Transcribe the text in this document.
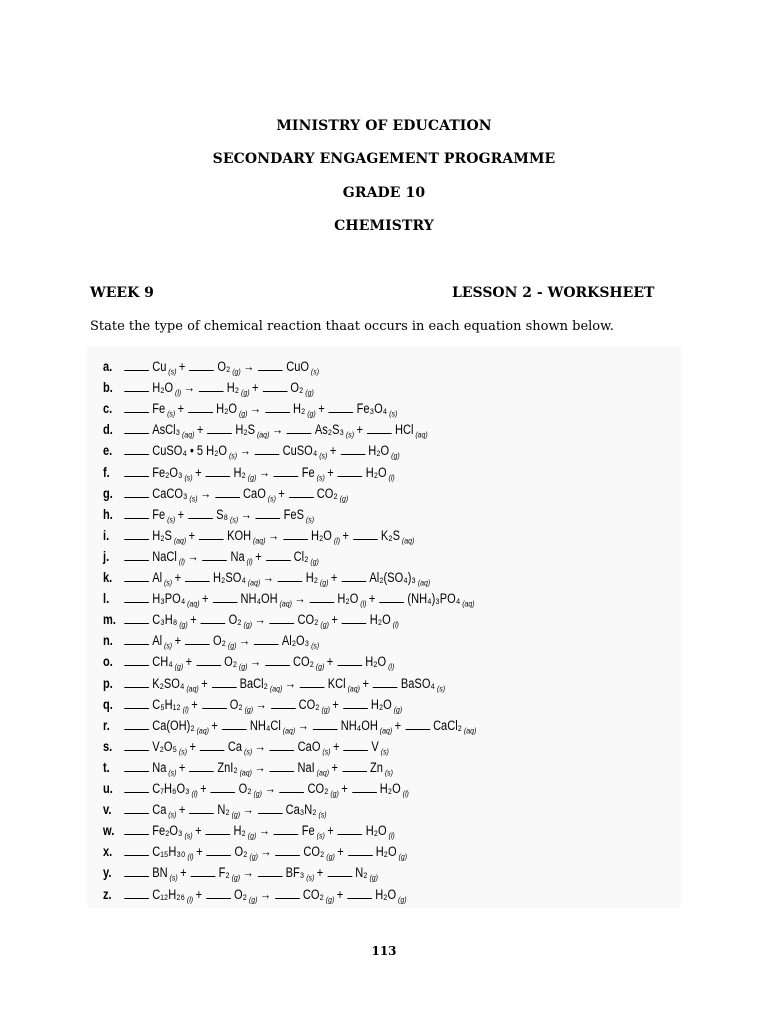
MINISTRY OF EDUCATION
SECONDARY ENGAGEMENT PROGRAMME
GRADE 10
CHEMISTRY
WEEK 9	LESSON 2 - WORKSHEET
State the type of chemical reaction thaat occurs in each equation shown below.
a.	Cu $_{(s)}$ + O₂ $_{(g)}$ → CuO $_{(s)}$
b.	H₂O $_{(l)}$ → H₂ $_{(g)}$ + O₂ $_{(g)}$
c.	Fe $_{(s)}$ + H₂O $_{(g)}$ → H₂ $_{(g)}$ + Fe₃O₄ $_{(s)}$
d.	AsCl₃ $_{(aq)}$ + H₂S $_{(aq)}$ → As₂S₃ $_{(s)}$ + HCl $_{(aq)}$
e.	CuSO₄ • 5 H₂O $_{(s)}$ → CuSO₄ $_{(s)}$ + H₂O $_{(g)}$
f.	Fe₂O₃ $_{(s)}$ + H₂ $_{(g)}$ → Fe $_{(s)}$ + H₂O $_{(l)}$
g.	CaCO₃ $_{(s)}$ → CaO $_{(s)}$ + CO₂ $_{(g)}$
h.	Fe $_{(s)}$ + S₈ $_{(s)}$ → FeS $_{(s)}$
i.	H₂S $_{(aq)}$ + KOH $_{(aq)}$ → H₂O $_{(l)}$ + K₂S $_{(aq)}$
j.	NaCl $_{(l)}$ → Na $_{(l)}$ + Cl₂ $_{(g)}$
k.	Al $_{(s)}$ + H₂SO₄ $_{(aq)}$ → H₂ $_{(g)}$ + Al₂(SO₄)₃ $_{(aq)}$
l.	H₃PO₄ $_{(aq)}$ + NH₄OH $_{(aq)}$ → H₂O $_{(l)}$ + (NH₄)₃PO₄ $_{(aq)}$
m.	C₃H₈ $_{(g)}$ + O₂ $_{(g)}$ → CO₂ $_{(g)}$ + H₂O $_{(l)}$
n.	Al $_{(s)}$ + O₂ $_{(g)}$ → Al₂O₃ $_{(s)}$
o.	CH₄ $_{(g)}$ + O₂ $_{(g)}$ → CO₂ $_{(g)}$ + H₂O $_{(l)}$
p.	K₂SO₄ $_{(aq)}$ + BaCl₂ $_{(aq)}$ → KCl $_{(aq)}$ + BaSO₄ $_{(s)}$
q.	C₅H₁₂ $_{(l)}$ + O₂ $_{(g)}$ → CO₂ $_{(g)}$ + H₂O $_{(g)}$
r.	Ca(OH)₂ $_{(aq)}$ + NH₄Cl $_{(aq)}$ → NH₄OH $_{(aq)}$ + CaCl₂ $_{(aq)}$
s.	V₂O₅ $_{(s)}$ + Ca $_{(s)}$ → CaO $_{(s)}$ + V $_{(s)}$
t.	Na $_{(s)}$ + ZnI₂ $_{(aq)}$ → NaI $_{(aq)}$ + Zn $_{(s)}$
u.	C₇H₆O₃ $_{(l)}$ + O₂ $_{(g)}$ → CO₂ $_{(g)}$ + H₂O $_{(l)}$
v.	Ca $_{(s)}$ + N₂ $_{(g)}$ → Ca₃N₂ $_{(s)}$
w.	Fe₂O₃ $_{(s)}$ + H₂ $_{(g)}$ → Fe $_{(s)}$ + H₂O $_{(l)}$
x.	C₁₅H₃₀ $_{(l)}$ + O₂ $_{(g)}$ → CO₂ $_{(g)}$ + H₂O $_{(g)}$
y.	BN $_{(s)}$ + F₂ $_{(g)}$ → BF₃ $_{(s)}$ + N₂ $_{(g)}$
z.	C₁₂H₂₆ $_{(l)}$ + O₂ $_{(g)}$ → CO₂ $_{(g)}$ + H₂O $_{(g)}$
113
